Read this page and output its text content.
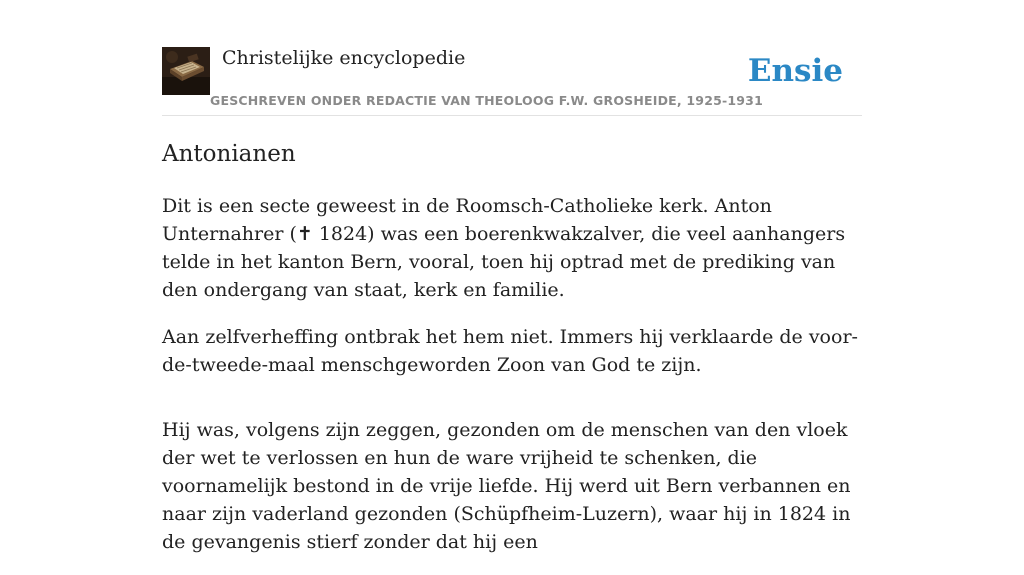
Christelijke encyclopedie
GESCHREVEN ONDER REDACTIE VAN THEOLOOG F.W. GROSHEIDE, 1925-1931
Ensie
Antonianen

Dit is een secte geweest in de Roomsch-Catholieke kerk. Anton Unternahrer (✝ 1824) was een boerenkwakzalver, die veel aanhangers telde in het kanton Bern, vooral, toen hij optrad met de prediking van den ondergang van staat, kerk en familie.

Aan zelfverheffing ontbrak het hem niet. Immers hij verklaarde de voor-de-tweede-maal menschgeworden Zoon van God te zijn.

Hij was, volgens zijn zeggen, gezonden om de menschen van den vloek der wet te verlossen en hun de ware vrijheid te schenken, die voornamelijk bestond in de vrije liefde. Hij werd uit Bern verbannen en naar zijn vaderland gezonden (Schüpfheim-Luzern), waar hij in 1824 in de gevangenis stierf zonder dat hij een
